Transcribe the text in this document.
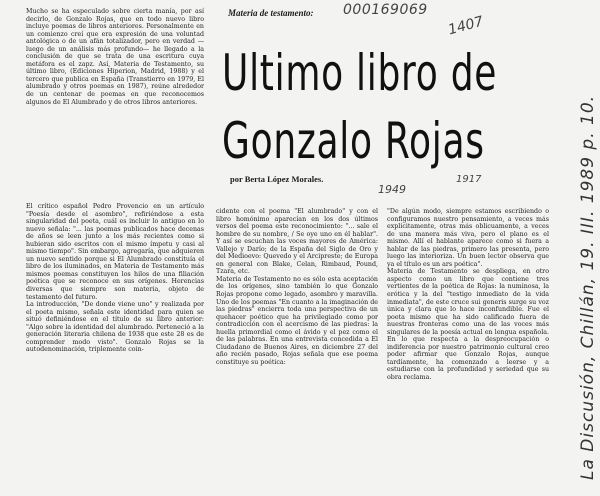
000169069
1407
1949
1917	La Discusión, Chillán, 19. III. 1989 p. 10.
Materia de testamento:
Ultimo libro de
Gonzalo Rojas
por Berta López Morales.
Mucho se ha especulado sobre cierta manía, por así decirlo, de Gonzalo Rojas, que en todo nuevo libro incluye poemas de libros anteriores. Personalmente en un comienzo creí que era expresión de una voluntad antológica o de un afán totalizador, pero en verdad —luego de un análisis más profundo— he llegado a la conclusión de que se trata de una escritura cuya metáfora es el zapz. Así, Materia de Testamento, su último libro, (Ediciones Hiperion, Madrid, 1988) y el tercero que publica en España (Transtierro en 1979, El alumbrado y otros poemas en 1987), reúne alrededor de un centenar de poemas en que reconocemos algunos de El Alumbrado y de otros libros anteriores.
El crítico español Pedro Provencio en un artículo "Poesía desde el asombro", refiriéndose a esta singularidad del poeta, cuál es incluir lo antiguo en lo nuevo señala: "... las poemas publicados hace decenas de años se leen junto a los más recientes como si hubieran sido escritos con el mismo ímpetu y casi al mismo tiempo". Sin embargo, agregaría, que adquieren un nuevo sentido porque si El Alumbrado constituía el libro de los iluminados, en Materia de Testamento más mismos poemas constituyen los hilos de una filiación poética que se reconoce en sus orígenes. Herencias diversas que siempre son materia, objeto de testamento del futuro.
La introducción, "De donde viene uno" y realizada por el poeta mismo, señala este identidad para quien se situó definiéndose en el título de su libro anterior: "Algo sobre la identidad del alumbrado. Perteneció a la generación literaria chilena de 1938 que este 28 es de comprender modo visto". Gonzalo Rojas se la autodenominación, triplemente coin-
cidente con el poema "El alumbrado" y con el libro homónimo aparecían en los dos últimos versos del poema este reconocimiento: "... sale el hombre de su nombre, / Se oye uno en él hablar". Y así se escuchan las voces mayores de América: Vallejo y Darío; de la España del Siglo de Oro y del Medioevo: Quevedo y el Arcipreste; de Europa en general con Blake, Celan, Rimbaud, Pound, Tzara, etc.
Materia de Testamento no es sólo esta aceptación de los orígenes, sino también lo que Gonzalo Rojas propone como legado, asombro y maravilla. Uno de los poemas "En cuanto a la imaginación de las piedras" encierra toda una perspectiva de un quehacer poético que ha privilegiado como por contradicción con el acercismo de las piedras: la huella primordial como el ávido y el pez como el de las palabras. En una entrevista concedida a El Ciudadano de Buenos Aires, en diciembre 27 del año recién pasado, Rojas señala que ese poema constituye su poética:
"De algún modo, siempre estamos escribiendo o configuramos nuestro pensamiento, a veces más explícitamente, otras más oblicuamente, a veces de una manera más viva, pero el plano es el mismo. Allí el hablante aparece como si fuera a hablar de las piedras, primero las presenta, pero luego las interioriza. Un buen lector observa que ya el título es un ars poética".
Materia de Testamento se despliega, en otro aspecto como un libro que contiene tres vertientes de la poética de Rojas: la numinosa, la erótica y la del "testigo inmediato de la vida inmediata", de este cruce sui generis surge su voz única y clara que lo hace inconfundible. Fue el poeta mismo que ha sido calificado fuera de nuestras fronteras como una de las voces más singulares de la poesía actual en lengua española. En lo que respecta a la despreocupación o indiferencia por nuestro patrimonio cultural creo poder afirmar que Gonzalo Rojas, aunque tardíamente, ha comenzado a leerse y a estudiarse con la profundidad y seriedad que su obra reclama.
